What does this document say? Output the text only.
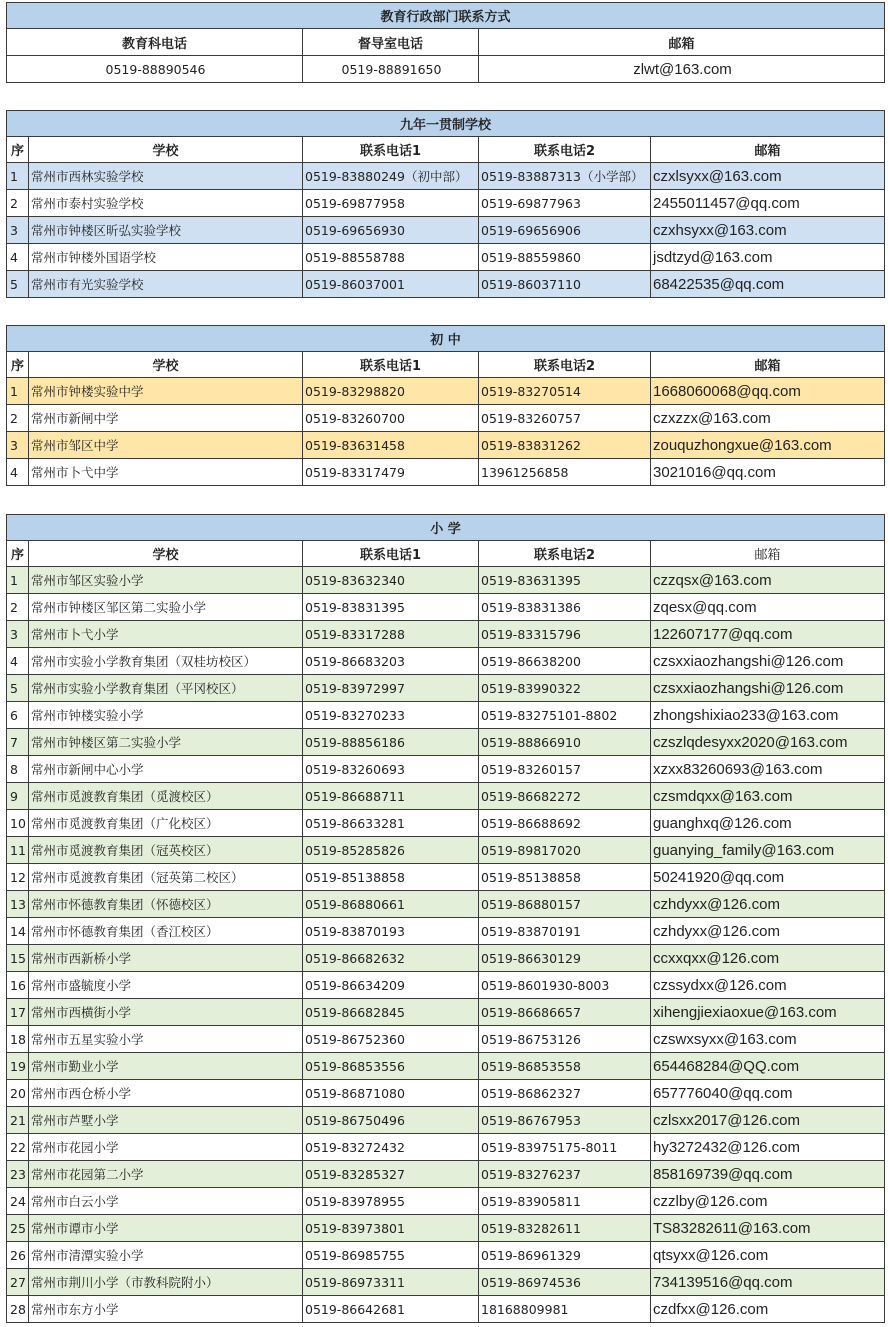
教育行政部门联系方式		
教育科电话	督导室电话	邮箱
0519-88890546	0519-88891650	zlwt@163.com
九年一贯制学校				
序	学校	联系电话1	联系电话2	邮箱
1	常州市西林实验学校	0519-83880249（初中部）	0519-83887313（小学部）	czxlsyxx@163.com
2	常州市泰村实验学校	0519-69877958	0519-69877963	2455011457@qq.com
3	常州市钟楼区昕弘实验学校	0519-69656930	0519-69656906	czxhsyxx@163.com
4	常州市钟楼外国语学校	0519-88558788	0519-88559860	jsdtzyd@163.com
5	常州市有光实验学校	0519-86037001	0519-86037110	68422535@qq.com
初 中				
序	学校	联系电话1	联系电话2	邮箱
1	常州市钟楼实验中学	0519-83298820	0519-83270514	1668060068@qq.com
2	常州市新闸中学	0519-83260700	0519-83260757	czxzzx@163.com
3	常州市邹区中学	0519-83631458	0519-83831262	zouquzhongxue@163.com
4	常州市卜弋中学	0519-83317479	13961256858	3021016@qq.com
小 学				
序	学校	联系电话1	联系电话2	邮箱
1	常州市邹区实验小学	0519-83632340	0519-83631395	czzqsx@163.com
2	常州市钟楼区邹区第二实验小学	0519-83831395	0519-83831386	zqesx@qq.com
3	常州市卜弋小学	0519-83317288	0519-83315796	122607177@qq.com
4	常州市实验小学教育集团（双桂坊校区）	0519-86683203	0519-86638200	czsxxiaozhangshi@126.com
5	常州市实验小学教育集团（平冈校区）	0519-83972997	0519-83990322	czsxxiaozhangshi@126.com
6	常州市钟楼实验小学	0519-83270233	0519-83275101-8802	zhongshixiao233@163.com
7	常州市钟楼区第二实验小学	0519-88856186	0519-88866910	czszlqdesyxx2020@163.com
8	常州市新闸中心小学	0519-83260693	0519-83260157	xzxx83260693@163.com
9	常州市觅渡教育集团（觅渡校区）	0519-86688711	0519-86682272	czsmdqxx@163.com
10	常州市觅渡教育集团（广化校区）	0519-86633281	0519-86688692	guanghxq@126.com
11	常州市觅渡教育集团（冠英校区）	0519-85285826	0519-89817020	guanying_family@163.com
12	常州市觅渡教育集团（冠英第二校区）	0519-85138858	0519-85138858	50241920@qq.com
13	常州市怀德教育集团（怀德校区）	0519-86880661	0519-86880157	czhdyxx@126.com
14	常州市怀德教育集团（香江校区）	0519-83870193	0519-83870191	czhdyxx@126.com
15	常州市西新桥小学	0519-86682632	0519-86630129	ccxxqxx@126.com
16	常州市盛毓度小学	0519-86634209	0519-8601930-8003	czssydxx@126.com
17	常州市西横街小学	0519-86682845	0519-86686657	xihengjiexiaoxue@163.com
18	常州市五星实验小学	0519-86752360	0519-86753126	czswxsyxx@163.com
19	常州市勤业小学	0519-86853556	0519-86853558	654468284@QQ.com
20	常州市西仓桥小学	0519-86871080	0519-86862327	657776040@qq.com
21	常州市芦墅小学	0519-86750496	0519-86767953	czlsxx2017@126.com
22	常州市花园小学	0519-83272432	0519-83975175-8011	hy3272432@126.com
23	常州市花园第二小学	0519-83285327	0519-83276237	858169739@qq.com
24	常州市白云小学	0519-83978955	0519-83905811	czzlby@126.com
25	常州市谭市小学	0519-83973801	0519-83282611	TS83282611@163.com
26	常州市清潭实验小学	0519-86985755	0519-86961329	qtsyxx@126.com
27	常州市荆川小学（市教科院附小）	0519-86973311	0519-86974536	734139516@qq.com
28	常州市东方小学	0519-86642681	18168809981	czdfxx@126.com
